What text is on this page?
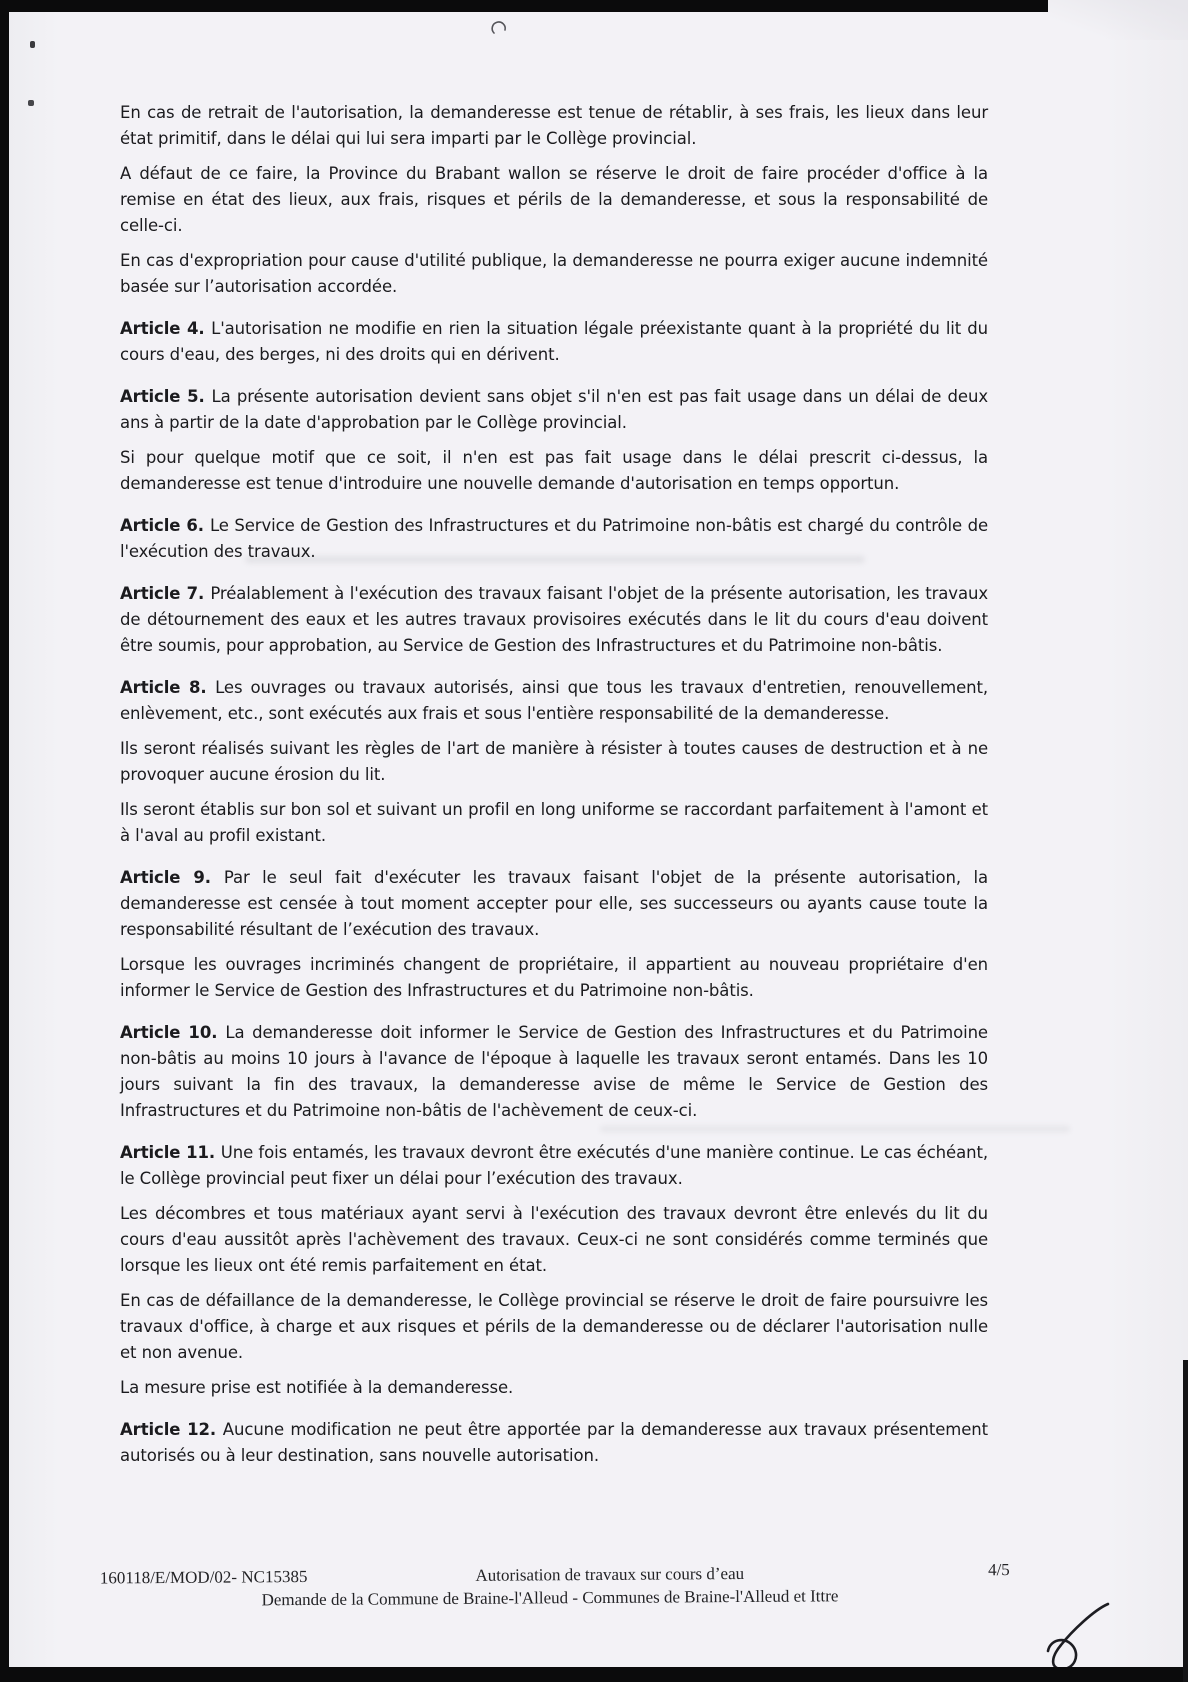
En cas de retrait de l'autorisation, la demanderesse est tenue de rétablir, à ses frais, les lieux dans leur état primitif, dans le délai qui lui sera imparti par le Collège provincial.

A défaut de ce faire, la Province du Brabant wallon se réserve le droit de faire procéder d'office à la remise en état des lieux, aux frais, risques et périls de la demanderesse, et sous la responsabilité de celle-ci.

En cas d'expropriation pour cause d'utilité publique, la demanderesse ne pourra exiger aucune indemnité basée sur l’autorisation accordée.

Article 4. L'autorisation ne modifie en rien la situation légale préexistante quant à la propriété du lit du cours d'eau, des berges, ni des droits qui en dérivent.

Article 5. La présente autorisation devient sans objet s'il n'en est pas fait usage dans un délai de deux ans à partir de la date d'approbation par le Collège provincial.

Si pour quelque motif que ce soit, il n'en est pas fait usage dans le délai prescrit ci-dessus, la demanderesse est tenue d'introduire une nouvelle demande d'autorisation en temps opportun.

Article 6. Le Service de Gestion des Infrastructures et du Patrimoine non-bâtis est chargé du contrôle de l'exécution des travaux.

Article 7. Préalablement à l'exécution des travaux faisant l'objet de la présente autorisation, les travaux de détournement des eaux et les autres travaux provisoires exécutés dans le lit du cours d'eau doivent être soumis, pour approbation, au Service de Gestion des Infrastructures et du Patrimoine non-bâtis.

Article 8. Les ouvrages ou travaux autorisés, ainsi que tous les travaux d'entretien, renouvellement, enlèvement, etc., sont exécutés aux frais et sous l'entière responsabilité de la demanderesse.

Ils seront réalisés suivant les règles de l'art de manière à résister à toutes causes de destruction et à ne provoquer aucune érosion du lit.

Ils seront établis sur bon sol et suivant un profil en long uniforme se raccordant parfaitement à l'amont et à l'aval au profil existant.

Article 9. Par le seul fait d'exécuter les travaux faisant l'objet de la présente autorisation, la demanderesse est censée à tout moment accepter pour elle, ses successeurs ou ayants cause toute la responsabilité résultant de l’exécution des travaux.

Lorsque les ouvrages incriminés changent de propriétaire, il appartient au nouveau propriétaire d'en informer le Service de Gestion des Infrastructures et du Patrimoine non-bâtis.

Article 10. La demanderesse doit informer le Service de Gestion des Infrastructures et du Patrimoine non-bâtis au moins 10 jours à l'avance de l'époque à laquelle les travaux seront entamés. Dans les 10 jours suivant la fin des travaux, la demanderesse avise de même le Service de Gestion des Infrastructures et du Patrimoine non-bâtis de l'achèvement de ceux-ci.

Article 11. Une fois entamés, les travaux devront être exécutés d'une manière continue. Le cas échéant, le Collège provincial peut fixer un délai pour l’exécution des travaux.

Les décombres et tous matériaux ayant servi à l'exécution des travaux devront être enlevés du lit du cours d'eau aussitôt après l'achèvement des travaux. Ceux-ci ne sont considérés comme terminés que lorsque les lieux ont été remis parfaitement en état.

En cas de défaillance de la demanderesse, le Collège provincial se réserve le droit de faire poursuivre les travaux d'office, à charge et aux risques et périls de la demanderesse ou de déclarer l'autorisation nulle et non avenue.

La mesure prise est notifiée à la demanderesse.

Article 12. Aucune modification ne peut être apportée par la demanderesse aux travaux présentement autorisés ou à leur destination, sans nouvelle autorisation.

160118/E/MOD/02- NC15385	Autorisation de travaux sur cours d’eau	4/5
Demande de la Commune de Braine-l'Alleud - Communes de Braine-l'Alleud et Ittre
